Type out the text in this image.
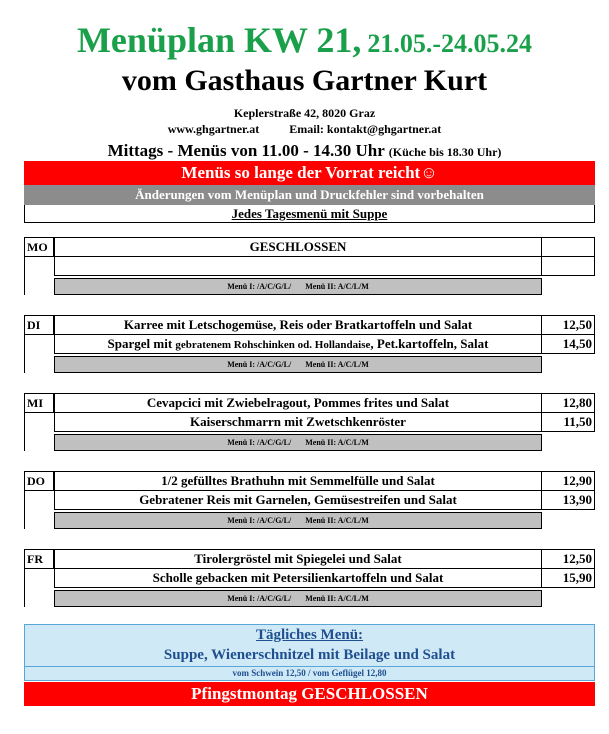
Menüplan KW 21, 21.05.-24.05.24
vom Gasthaus Gartner Kurt
Keplerstraße 42, 8020 Graz
www.ghgartner.at	Email: kontakt@ghgartner.at
Mittags - Menüs von 11.00 - 14.30 Uhr (Küche bis 18.30 Uhr)
Menüs so lange der Vorrat reicht☺
Änderungen vom Menüplan und Druckfehler sind vorbehalten
Jedes Tagesmenü mit Suppe
MO	GESCHLOSSEN
Menü I: /A/C/G/L/ Menü II: A/C/L/M
DI	Karree mit Letschogemüse, Reis oder Bratkartoffeln und Salat	12,50
Spargel mit gebratenem Rohschinken od. Hollandaise, Pet.kartoffeln, Salat	14,50
Menü I: /A/C/G/L/ Menü II: A/C/L/M
MI	Cevapcici mit Zwiebelragout, Pommes frites und Salat	12,80
Kaiserschmarrn mit Zwetschkenröster	11,50
Menü I: /A/C/G/L/ Menü II: A/C/L/M
DO	1/2 gefülltes Brathuhn mit Semmelfülle und Salat	12,90
Gebratener Reis mit Garnelen, Gemüsestreifen und Salat	13,90
Menü I: /A/C/G/L/ Menü II: A/C/L/M
FR	Tirolergröstel mit Spiegelei und Salat	12,50
Scholle gebacken mit Petersilienkartoffeln und Salat	15,90
Menü I: /A/C/G/L/ Menü II: A/C/L/M
Tägliches Menü:
Suppe, Wienerschnitzel mit Beilage und Salat
vom Schwein 12,50 / vom Geflügel 12,80
Pfingstmontag GESCHLOSSEN
